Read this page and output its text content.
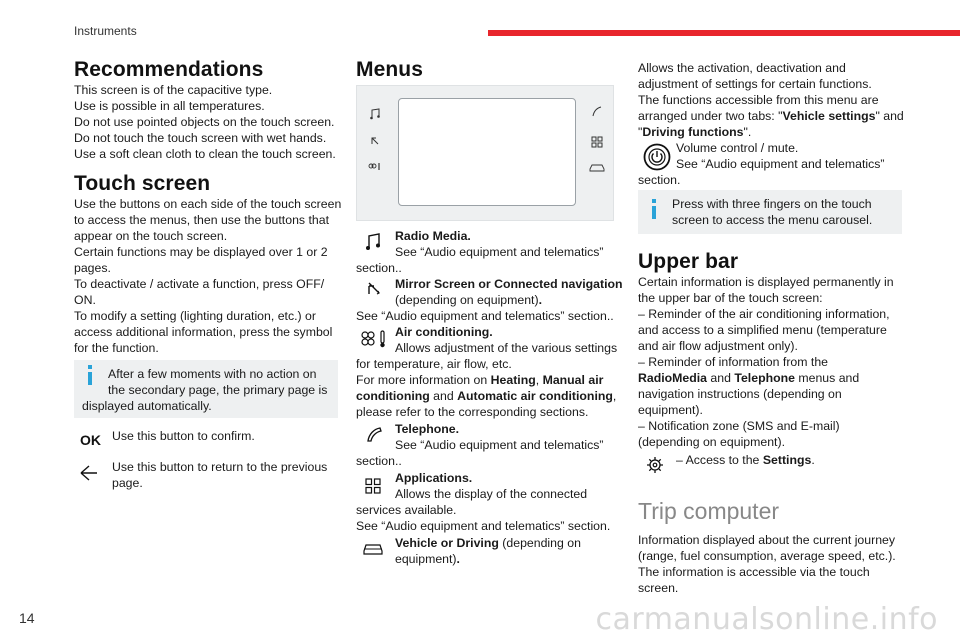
Instruments
Recommendations

This screen is of the capacitive type.

Use is possible in all temperatures.

Do not use pointed objects on the touch screen.

Do not touch the touch screen with wet hands.

Use a soft clean cloth to clean the touch screen.

Touch screen

Use the buttons on each side of the touch screen

to access the menus, then use the buttons that

appear on the touch screen.

Certain functions may be displayed over 1 or 2

pages.

To deactivate / activate a function, press OFF/

ON.

To modify a setting (lighting duration, etc.) or

access additional information, press the symbol

for the function.

After a few moments with no action on

the secondary page, the primary page is

displayed automatically.

OK Use this button to confirm.

Use this button to return to the previous

page.

Menus

Radio Media.

See “Audio equipment and telematics”

section..

Mirror Screen or Connected navigation

(depending on equipment).

See “Audio equipment and telematics” section..

Air conditioning.

Allows adjustment of the various settings

for temperature, air flow, etc.

For more information on Heating, Manual air

conditioning and Automatic air conditioning,

please refer to the corresponding sections.

Telephone.

See “Audio equipment and telematics”

section..

Applications.

Allows the display of the connected

services available.

See “Audio equipment and telematics” section.

Vehicle or Driving (depending on

equipment).

Allows the activation, deactivation and

adjustment of settings for certain functions.

The functions accessible from this menu are

arranged under two tabs: "Vehicle settings" and

"Driving functions".

Volume control / mute.

See “Audio equipment and telematics”

section.

Press with three fingers on the touch

screen to access the menu carousel.

Upper bar

Certain information is displayed permanently in

the upper bar of the touch screen:

– Reminder of the air conditioning information,

and access to a simplified menu (temperature

and air flow adjustment only).

– Reminder of information from the

RadioMedia and Telephone menus and

navigation instructions (depending on

equipment).

– Notification zone (SMS and E-mail)

(depending on equipment).

– Access to the Settings.

Trip computer

Information displayed about the current journey

(range, fuel consumption, average speed, etc.).

The information is accessible via the touch

screen.

14	carmanualsonline.info
